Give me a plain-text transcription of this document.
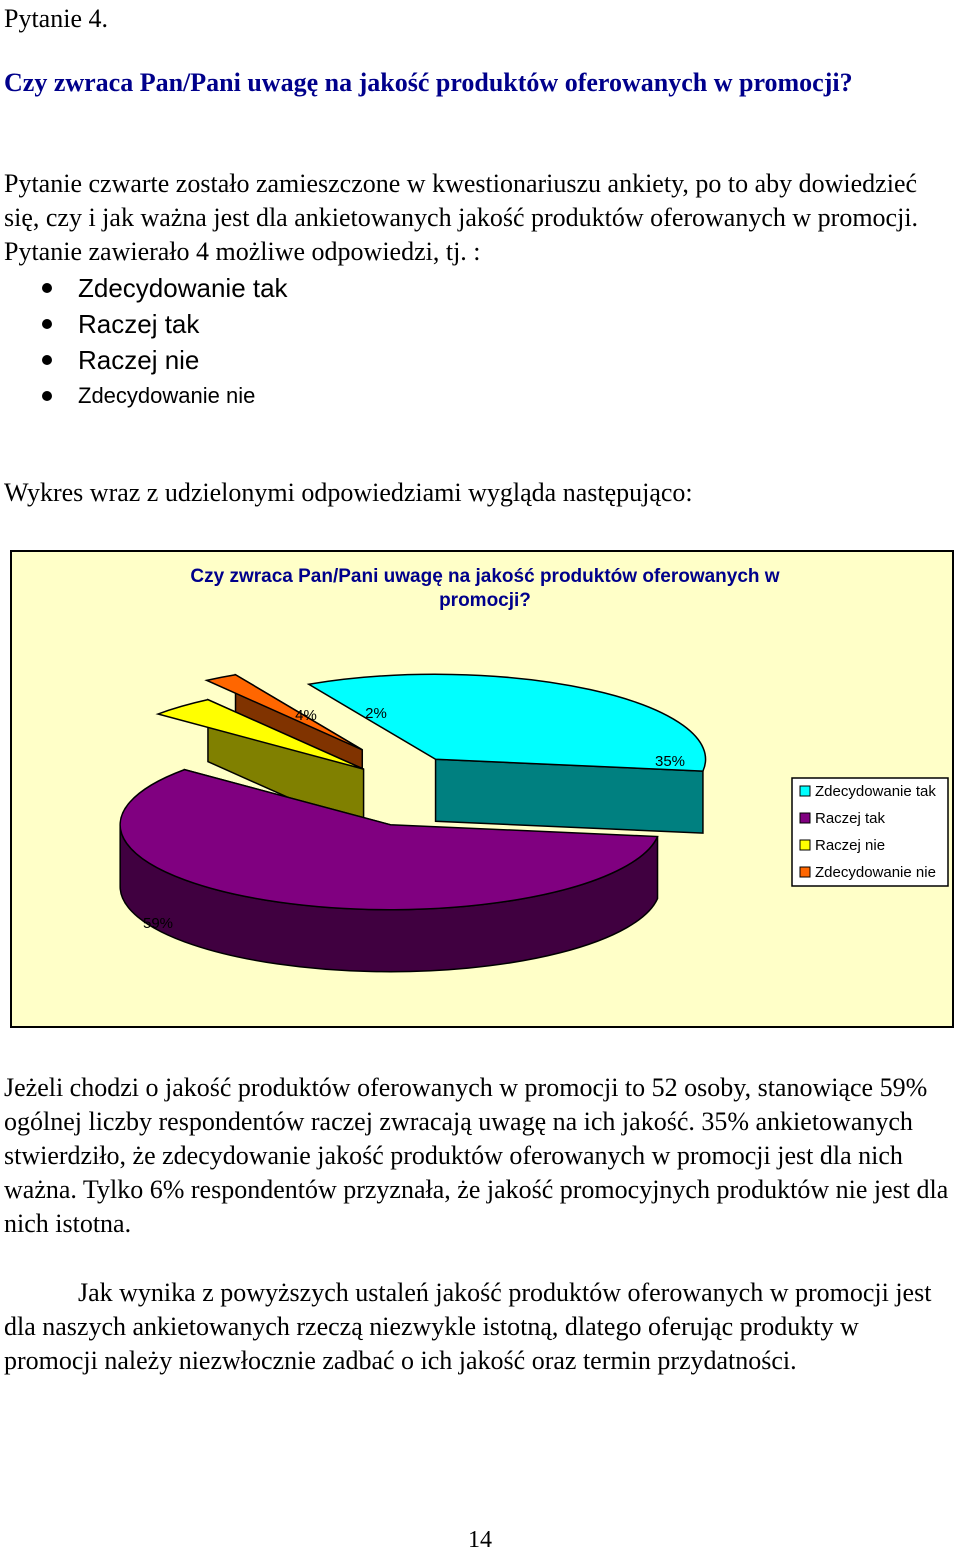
Pytanie 4.
Czy zwraca Pan/Pani uwagę na jakość produktów oferowanych w promocji?
Pytanie czwarte zostało zamieszczone w kwestionariuszu ankiety, po to aby dowiedzieć się, czy i jak ważna jest dla ankietowanych jakość produktów oferowanych w promocji. Pytanie zawierało 4 możliwe odpowiedzi, tj. :
Zdecydowanie tak
Raczej tak
Raczej nie
Zdecydowanie nie
Wykres wraz z udzielonymi odpowiedziami wygląda następująco:
Czy zwraca Pan/Pani uwagę na jakość produktów oferowanych w promocji?
35%
2%
4%
59%
Zdecydowanie tak
Raczej tak
Raczej nie
Zdecydowanie nie
Jeżeli chodzi o jakość produktów oferowanych w promocji to 52 osoby, stanowiące 59% ogólnej liczby respondentów raczej zwracają uwagę na ich jakość. 35% ankietowanych stwierdziło, że zdecydowanie jakość produktów oferowanych w promocji jest dla nich ważna. Tylko 6% respondentów przyznała, że jakość promocyjnych produktów nie jest dla nich istotna.
Jak wynika z powyższych ustaleń jakość produktów oferowanych w promocji jest dla naszych ankietowanych rzeczą niezwykle istotną, dlatego oferując produkty w promocji należy niezwłocznie zadbać o ich jakość oraz termin przydatności.
14
